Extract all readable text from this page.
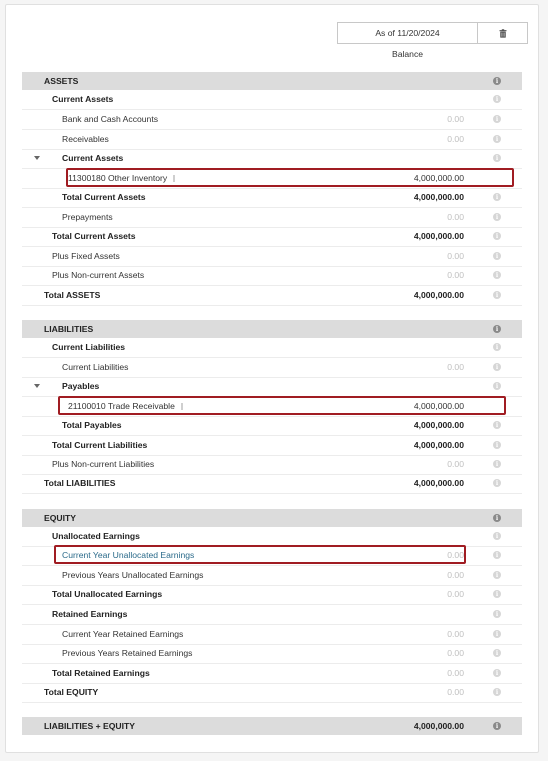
As of 11/20/2024
Balance
ASSETS	i
Current Assets	i
Bank and Cash Accounts	0.00	i
Receivables	0.00	i
Current Assets	i
11300180 Other Inventory	4,000,000.00
Total Current Assets	4,000,000.00	i
Prepayments	0.00	i
Total Current Assets	4,000,000.00	i
Plus Fixed Assets	0.00	i
Plus Non-current Assets	0.00	i
Total ASSETS	4,000,000.00	i
LIABILITIES	i
Current Liabilities	i
Current Liabilities	0.00	i
Payables	i
21100010 Trade Receivable	4,000,000.00
Total Payables	4,000,000.00	i
Total Current Liabilities	4,000,000.00	i
Plus Non-current Liabilities	0.00	i
Total LIABILITIES	4,000,000.00	i
EQUITY	i
Unallocated Earnings	i
Current Year Unallocated Earnings	0.00	i
Previous Years Unallocated Earnings	0.00	i
Total Unallocated Earnings	0.00	i
Retained Earnings	i
Current Year Retained Earnings	0.00	i
Previous Years Retained Earnings	0.00	i
Total Retained Earnings	0.00	i
Total EQUITY	0.00	i
LIABILITIES + EQUITY	4,000,000.00	i
